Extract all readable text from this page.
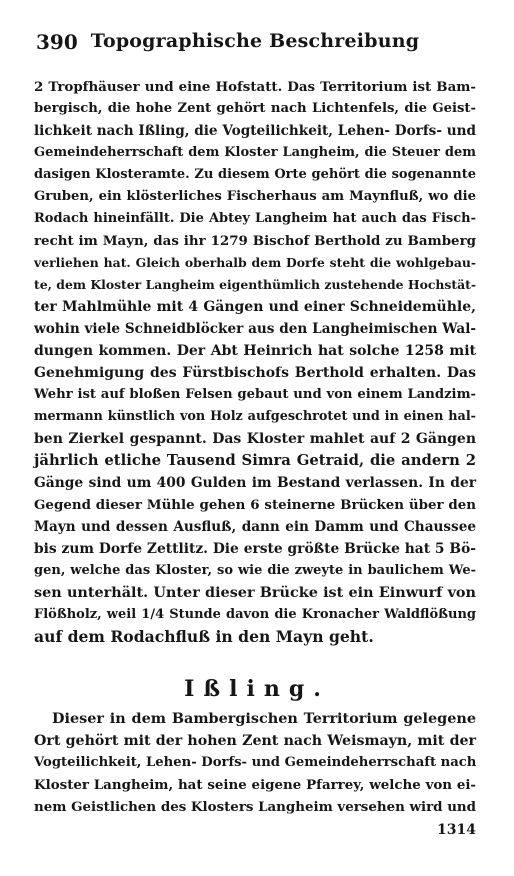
390 Topographische Beschreibung
2 Tropfhäuser und eine Hofstatt. Das Territorium ist Bam-
bergisch, die hohe Zent gehört nach Lichtenfels, die Geist-
lichkeit nach Ißling, die Vogteilichkeit, Lehen- Dorfs- und
Gemeindeherrschaft dem Kloster Langheim, die Steuer dem
dasigen Klosteramte. Zu diesem Orte gehört die sogenannte
Gruben, ein klösterliches Fischerhaus am Maynfluß, wo die
Rodach hineinfällt. Die Abtey Langheim hat auch das Fisch-
recht im Mayn, das ihr 1279 Bischof Berthold zu Bamberg
verliehen hat. Gleich oberhalb dem Dorfe steht die wohlgebau-
te, dem Kloster Langheim eigenthümlich zustehende Hochstät-
ter Mahlmühle mit 4 Gängen und einer Schneidemühle,
wohin viele Schneidblöcker aus den Langheimischen Wal-
dungen kommen. Der Abt Heinrich hat solche 1258 mit
Genehmigung des Fürstbischofs Berthold erhalten. Das
Wehr ist auf bloßen Felsen gebaut und von einem Landzim-
mermann künstlich von Holz aufgeschrotet und in einen hal-
ben Zierkel gespannt. Das Kloster mahlet auf 2 Gängen
jährlich etliche Tausend Simra Getraid, die andern 2
Gänge sind um 400 Gulden im Bestand verlassen. In der
Gegend dieser Mühle gehen 6 steinerne Brücken über den
Mayn und dessen Ausfluß, dann ein Damm und Chaussee
bis zum Dorfe Zettlitz. Die erste größte Brücke hat 5 Bö-
gen, welche das Kloster, so wie die zweyte in baulichem We-
sen unterhält. Unter dieser Brücke ist ein Einwurf von
Flößholz, weil 1/4 Stunde davon die Kronacher Waldflößung
auf dem Rodachfluß in den Mayn geht.
Ißling.
Dieser in dem Bambergischen Territorium gelegene
Ort gehört mit der hohen Zent nach Weismayn, mit der
Vogteilichkeit, Lehen- Dorfs- und Gemeindeherrschaft nach
Kloster Langheim, hat seine eigene Pfarrey, welche von ei-
nem Geistlichen des Klosters Langheim versehen wird und
1314
